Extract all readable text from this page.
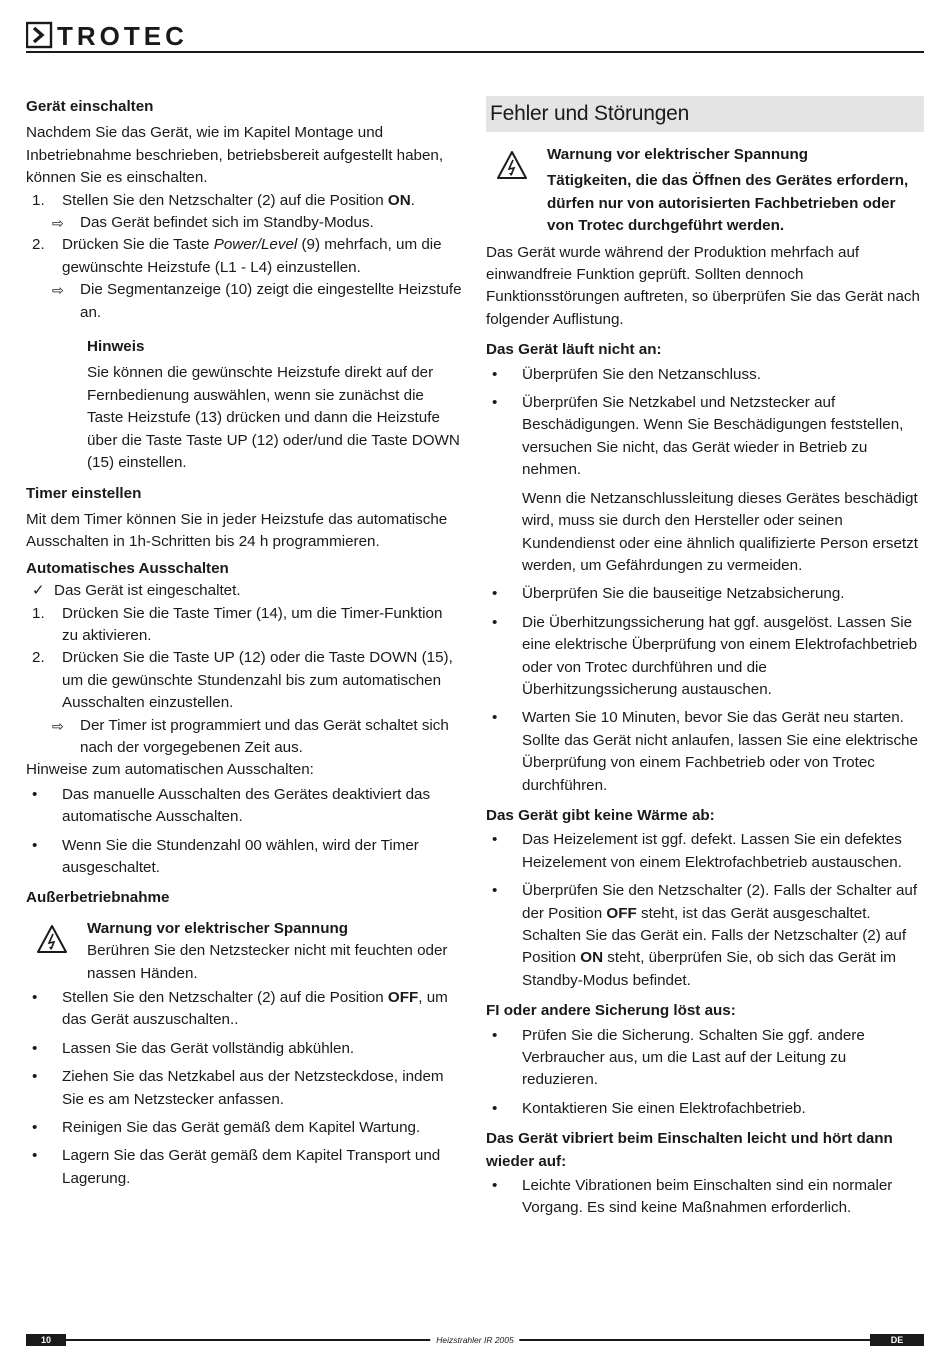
TROTEC
Gerät einschalten

Nachdem Sie das Gerät, wie im Kapitel Montage und Inbetriebnahme beschrieben, betriebsbereit aufgestellt haben, können Sie es einschalten.

1.	Stellen Sie den Netzschalter (2) auf die Position ON.
⇨	Das Gerät befindet sich im Standby-Modus.
2.	Drücken Sie die Taste Power/Level (9) mehrfach, um die gewünschte Heizstufe (L1 - L4) einzustellen.
⇨	Die Segmentanzeige (10) zeigt die eingestellte Heizstufe an.
Hinweis

Sie können die gewünschte Heizstufe direkt auf der Fernbedienung auswählen, wenn sie zunächst die Taste Heizstufe (13) drücken und dann die Heizstufe über die Taste Taste UP (12) oder/und die Taste DOWN (15) einstellen.

Timer einstellen

Mit dem Timer können Sie in jeder Heizstufe das automatische Ausschalten in 1h-Schritten bis 24 h programmieren.

Automatisches Ausschalten
✓ Das Gerät ist eingeschaltet.
1.	Drücken Sie die Taste Timer (14), um die Timer-Funktion zu aktivieren.
2.	Drücken Sie die Taste UP (12) oder die Taste DOWN (15), um die gewünschte Stundenzahl bis zum automatischen Ausschalten einzustellen.
⇨	Der Timer ist programmiert und das Gerät schaltet sich nach der vorgegebenen Zeit aus.

Hinweise zum automatischen Ausschalten:

•	Das manuelle Ausschalten des Gerätes deaktiviert das automatische Ausschalten.
•	Wenn Sie die Stundenzahl 00 wählen, wird der Timer ausgeschaltet.
Außerbetriebnahme
Warnung vor elektrischer Spannung

Berühren Sie den Netzstecker nicht mit feuchten oder nassen Händen.

•	Stellen Sie den Netzschalter (2) auf die Position OFF, um das Gerät auszuschalten..
•	Lassen Sie das Gerät vollständig abkühlen.
•	Ziehen Sie das Netzkabel aus der Netzsteckdose, indem Sie es am Netzstecker anfassen.
•	Reinigen Sie das Gerät gemäß dem Kapitel Wartung.
•	Lagern Sie das Gerät gemäß dem Kapitel Transport und Lagerung.
Fehler und Störungen
Warnung vor elektrischer Spannung

Tätigkeiten, die das Öffnen des Gerätes erfordern, dürfen nur von autorisierten Fachbetrieben oder von Trotec durchgeführt werden.

Das Gerät wurde während der Produktion mehrfach auf einwandfreie Funktion geprüft. Sollten dennoch Funktionsstörungen auftreten, so überprüfen Sie das Gerät nach folgender Auflistung.

Das Gerät läuft nicht an:
•	Überprüfen Sie den Netzanschluss.
•	Überprüfen Sie Netzkabel und Netzstecker auf Beschädigungen. Wenn Sie Beschädigungen feststellen, versuchen Sie nicht, das Gerät wieder in Betrieb zu nehmen.

Wenn die Netzanschlussleitung dieses Gerätes beschädigt wird, muss sie durch den Hersteller oder seinen Kundendienst oder eine ähnlich qualifizierte Person ersetzt werden, um Gefährdungen zu vermeiden.

•	Überprüfen Sie die bauseitige Netzabsicherung.
•	Die Überhitzungssicherung hat ggf. ausgelöst. Lassen Sie eine elektrische Überprüfung von einem Elektrofachbetrieb oder von Trotec durchführen und die Überhitzungssicherung austauschen.
•	Warten Sie 10 Minuten, bevor Sie das Gerät neu starten. Sollte das Gerät nicht anlaufen, lassen Sie eine elektrische Überprüfung von einem Fachbetrieb oder von Trotec durchführen.
Das Gerät gibt keine Wärme ab:
•	Das Heizelement ist ggf. defekt. Lassen Sie ein defektes Heizelement von einem Elektrofachbetrieb austauschen.
•	Überprüfen Sie den Netzschalter (2). Falls der Schalter auf der Position OFF steht, ist das Gerät ausgeschaltet. Schalten Sie das Gerät ein. Falls der Netzschalter (2) auf Position ON steht, überprüfen Sie, ob sich das Gerät im Standby-Modus befindet.
FI oder andere Sicherung löst aus:
•	Prüfen Sie die Sicherung. Schalten Sie ggf. andere Verbraucher aus, um die Last auf der Leitung zu reduzieren.
•	Kontaktieren Sie einen Elektrofachbetrieb.
Das Gerät vibriert beim Einschalten leicht und hört dann wieder auf:
•	Leichte Vibrationen beim Einschalten sind ein normaler Vorgang. Es sind keine Maßnahmen erforderlich.
10	Heizstrahler IR 2005	DE
